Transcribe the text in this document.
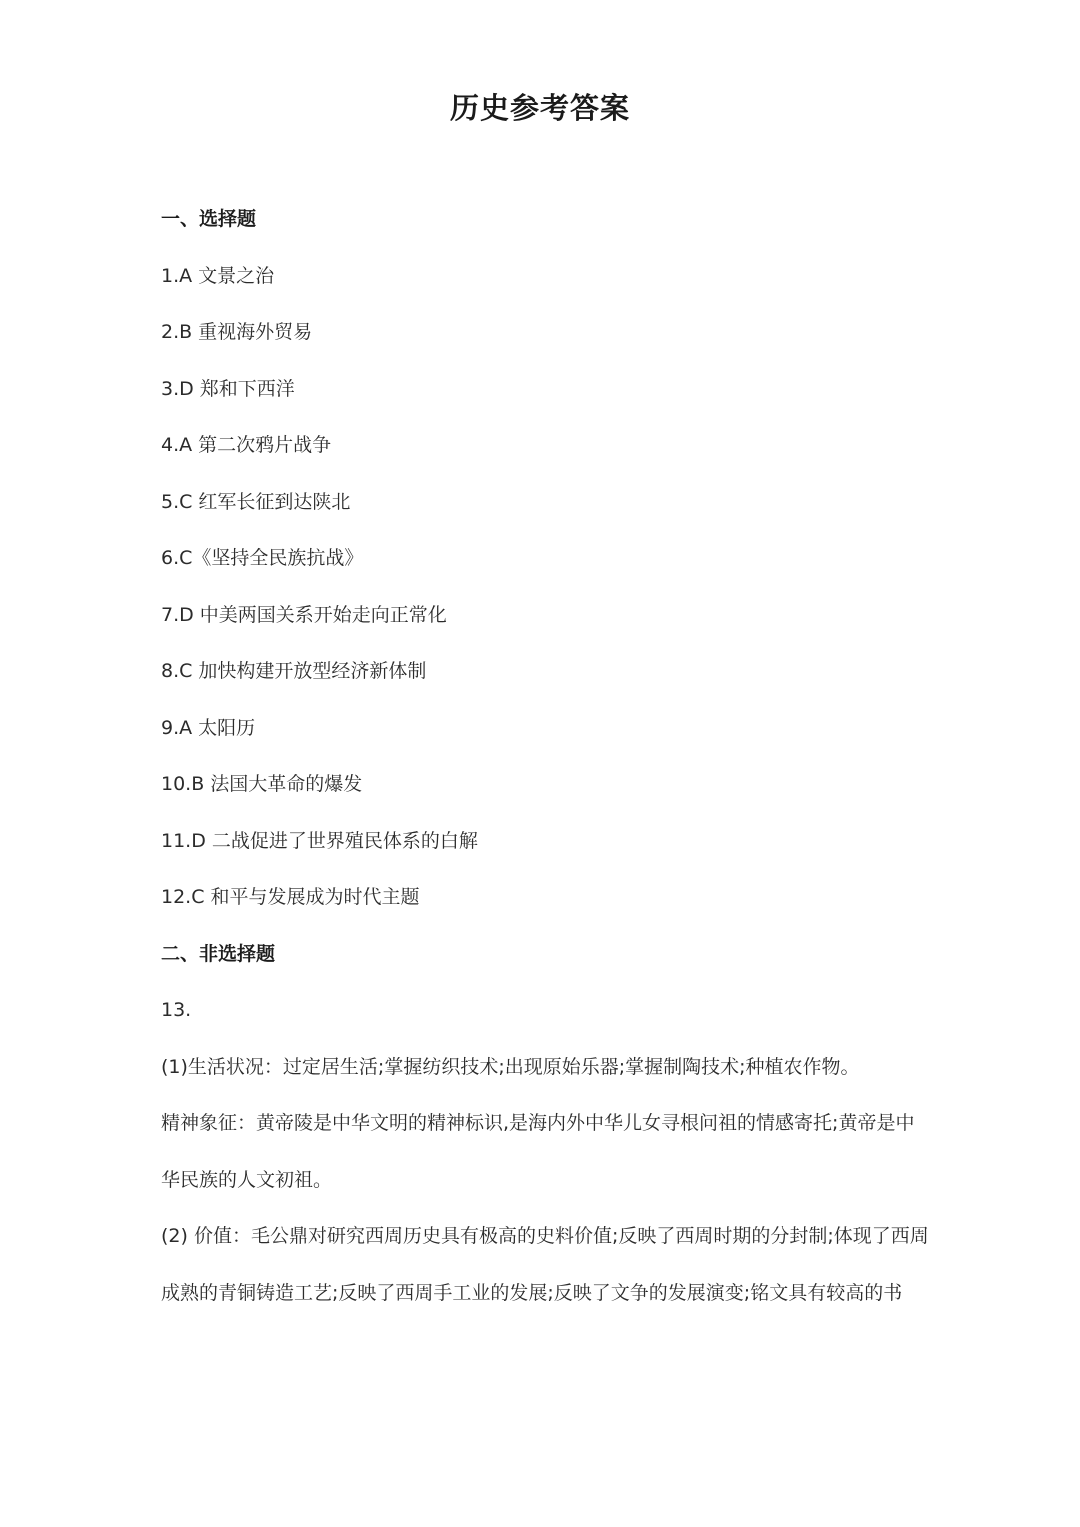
历史参考答案
一、选择题
1.A 文景之治
2.B 重视海外贸易
3.D 郑和下西洋
4.A 第二次鸦片战争
5.C 红军长征到达陕北
6.C《坚持全民族抗战》
7.D 中美两国关系开始走向正常化
8.C 加快构建开放型经济新体制
9.A 太阳历
10.B 法国大革命的爆发
11.D 二战促进了世界殖民体系的白解
12.C 和平与发展成为时代主题
二、非选择题
13.
(1)生活状况：过定居生活;掌握纺织技术;出现原始乐器;掌握制陶技术;种植农作物。
精神象征：黄帝陵是中华文明的精神标识,是海内外中华儿女寻根问祖的情感寄托;黄帝是中
华民族的人文初祖。
(2) 价值：毛公鼎对研究西周历史具有极高的史料价值;反映了西周时期的分封制;体现了西周
成熟的青铜铸造工艺;反映了西周手工业的发展;反映了文争的发展演变;铭文具有较高的书
